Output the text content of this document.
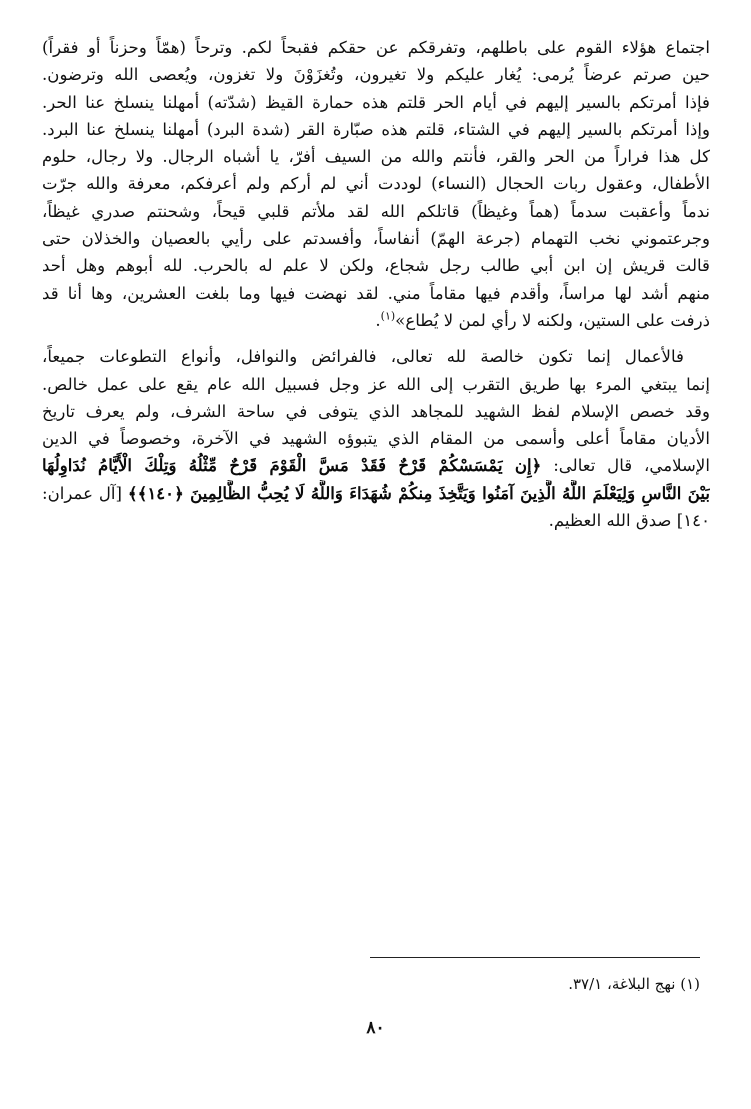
اجتماع هؤلاء القوم على باطلهم، وتفرقكم عن حقكم فقبحاً لكم. وترحاً (همّاً وحزناً أو فقراً)
حين صرتم عرضاً يُرمى: يُغار عليكم ولا تغيرون، وتُغزَوْنَ ولا تغزون، ويُعصى الله وترضون.
فإذا أمرتكم بالسير إليهم في أيام الحر قلتم هذه حمارة القيظ (شدّته) أمهلنا ينسلخ عنا الحر.
وإذا أمرتكم بالسير إليهم في الشتاء، قلتم هذه صبّارة القر (شدة البرد) أمهلنا ينسلخ عنا البرد.
كل هذا فراراً من الحر والقر، فأنتم والله من السيف أفرّ، يا أشباه الرجال. ولا رجال، حلوم
الأطفال، وعقول ربات الحجال (النساء) لوددت أني لم أركم ولم أعرفكم، معرفة والله جرّت
ندماً وأعقبت سدماً (هماً وغيظاً) قاتلكم الله لقد ملأتم قلبي قيحاً، وشحنتم صدري غيظاً،
وجرعتموني نخب التهمام (جرعة الهمّ) أنفاساً، وأفسدتم على رأيي بالعصيان والخذلان حتى
قالت قريش إن ابن أبي طالب رجل شجاع، ولكن لا علم له بالحرب. لله أبوهم وهل أحد
منهم أشد لها مراساً، وأقدم فيها مقاماً مني. لقد نهضت فيها وما بلغت العشرين، وها أنا قد
ذرفت على الستين، ولكنه لا رأي لمن لا يُطاع»$^{(١)}$.

فالأعمال إنما تكون خالصة لله تعالى، فالفرائض والنوافل، وأنواع التطوعات جميعاً،
إنما يبتغي المرء بها طريق التقرب إلى الله عز وجل فسبيل الله عام يقع على عمل خالص.
وقد خصص الإسلام لفظ الشهيد للمجاهد الذي يتوفى في ساحة الشرف، ولم يعرف تاريخ
الأديان مقاماً أعلى وأسمى من المقام الذي يتبوؤه الشهيد في الآخرة، وخصوصاً في الدين
الإسلامي، قال تعالى: ﴿إِن يَمْسَسْكُمْ قَرْحٌ فَقَدْ مَسَّ الْقَوْمَ قَرْحٌ مِّثْلُهُ وَتِلْكَ الْأَيَّامُ نُدَاوِلُهَا
بَيْنَ النَّاسِ وَلِيَعْلَمَ اللَّهُ الَّذِينَ آمَنُوا وَيَتَّخِذَ مِنكُمْ شُهَدَاءَ وَاللَّهُ لَا يُحِبُّ الظَّالِمِينَ ﴿١٤٠﴾﴾ [آل عمران:
١٤٠] صدق الله العظيم.

(١) نهج البلاغة، ٣٧/١.
٨٠
